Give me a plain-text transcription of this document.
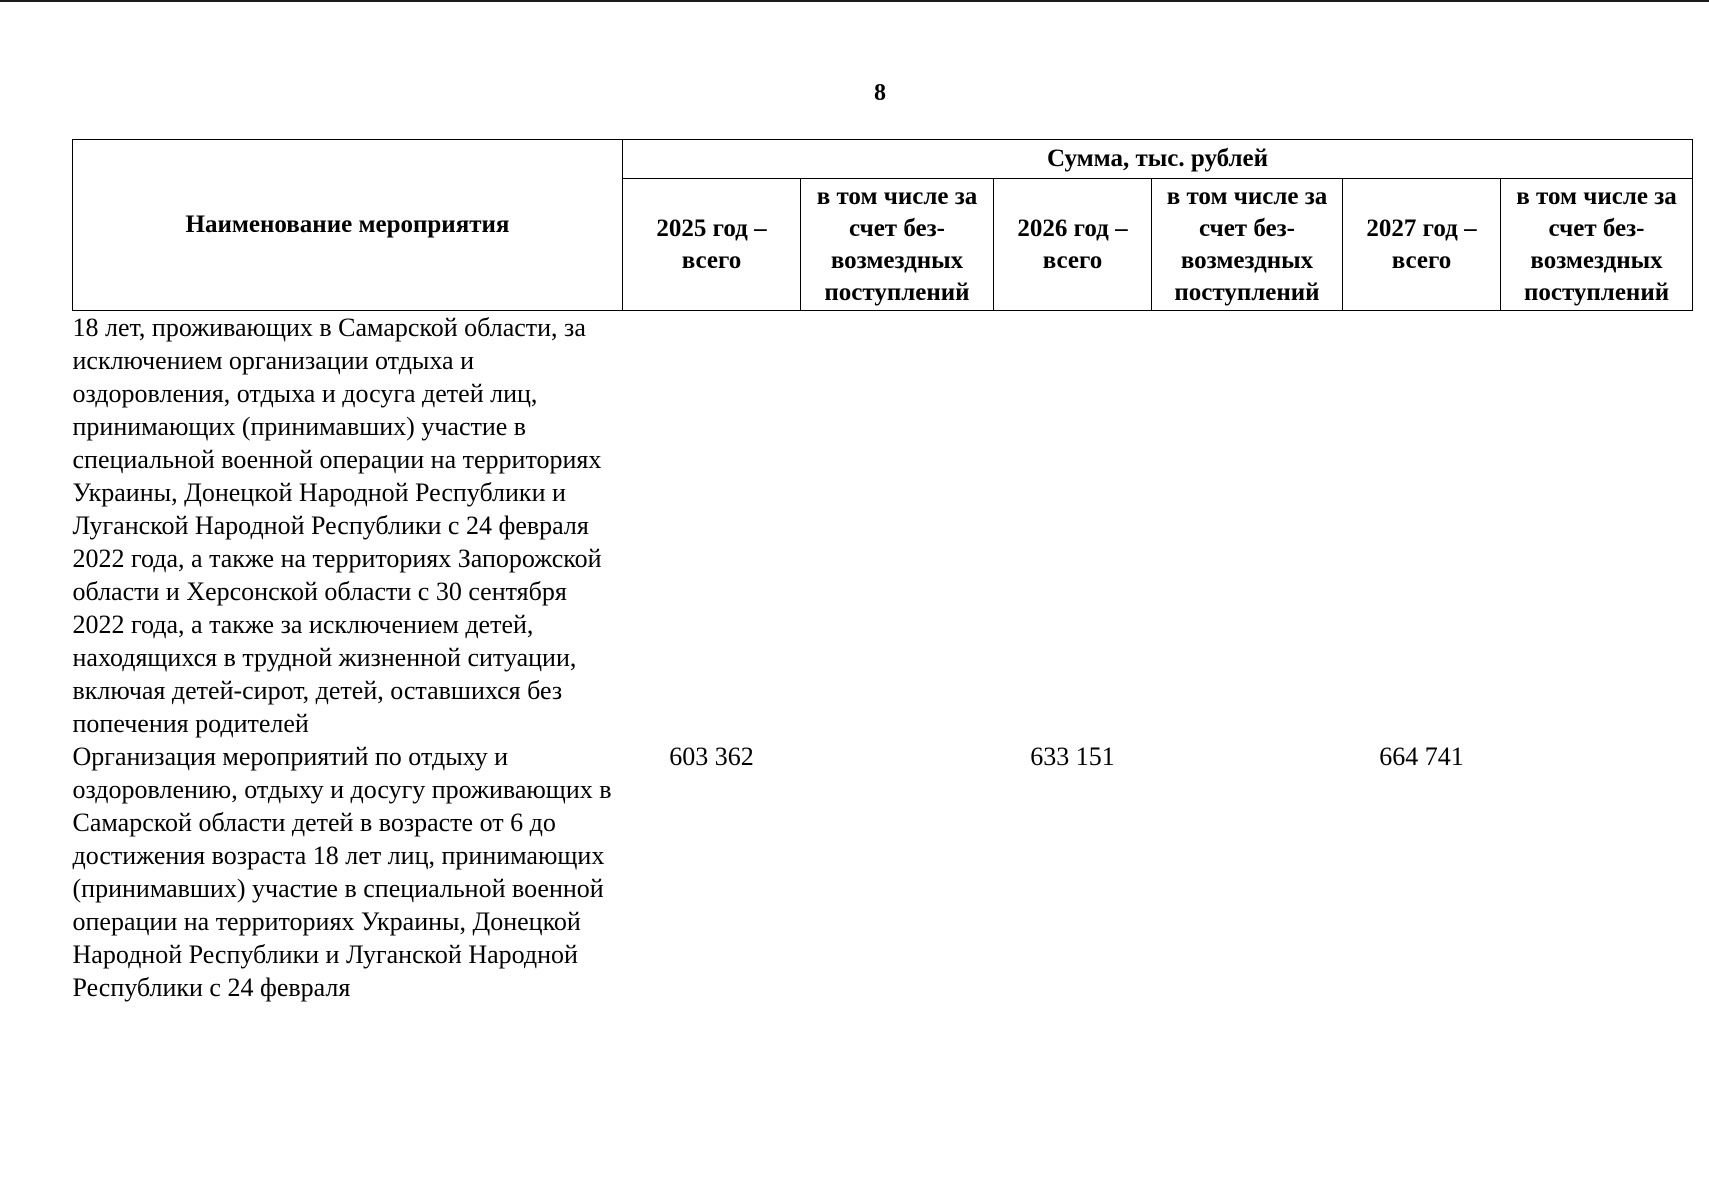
8
Наименование мероприятия	Сумма, тыс. рублей					
	2025 год – всего	в том числе за счет без-возмездных поступлений	2026 год – всего	в том числе за счет без-возмездных поступлений	2027 год – всего	в том числе за счет без-возмездных поступлений
18 лет, проживающих в Самарской области, за исключением организации отдыха и оздоровления, отдыха и досуга детей лиц, принимающих (принимавших) участие в специальной военной операции на территориях Украины, Донецкой Народной Республики и Луганской Народной Республики с 24 февраля 2022 года, а также на территориях Запорожской области и Херсонской области с 30 сентября 2022 года, а также за исключением детей, находящихся в трудной жизненной ситуации, включая детей-сирот, детей, оставшихся без попечения родителей						
Организация мероприятий по отдыху и оздоровлению, отдыху и досугу проживающих в Самарской области детей в возрасте от 6 до достижения возраста 18 лет лиц, принимающих (принимавших) участие в специальной военной операции на территориях Украины, Донецкой Народной Республики и Луганской Народной Республики с 24 февраля	603 362		633 151		664 741	
